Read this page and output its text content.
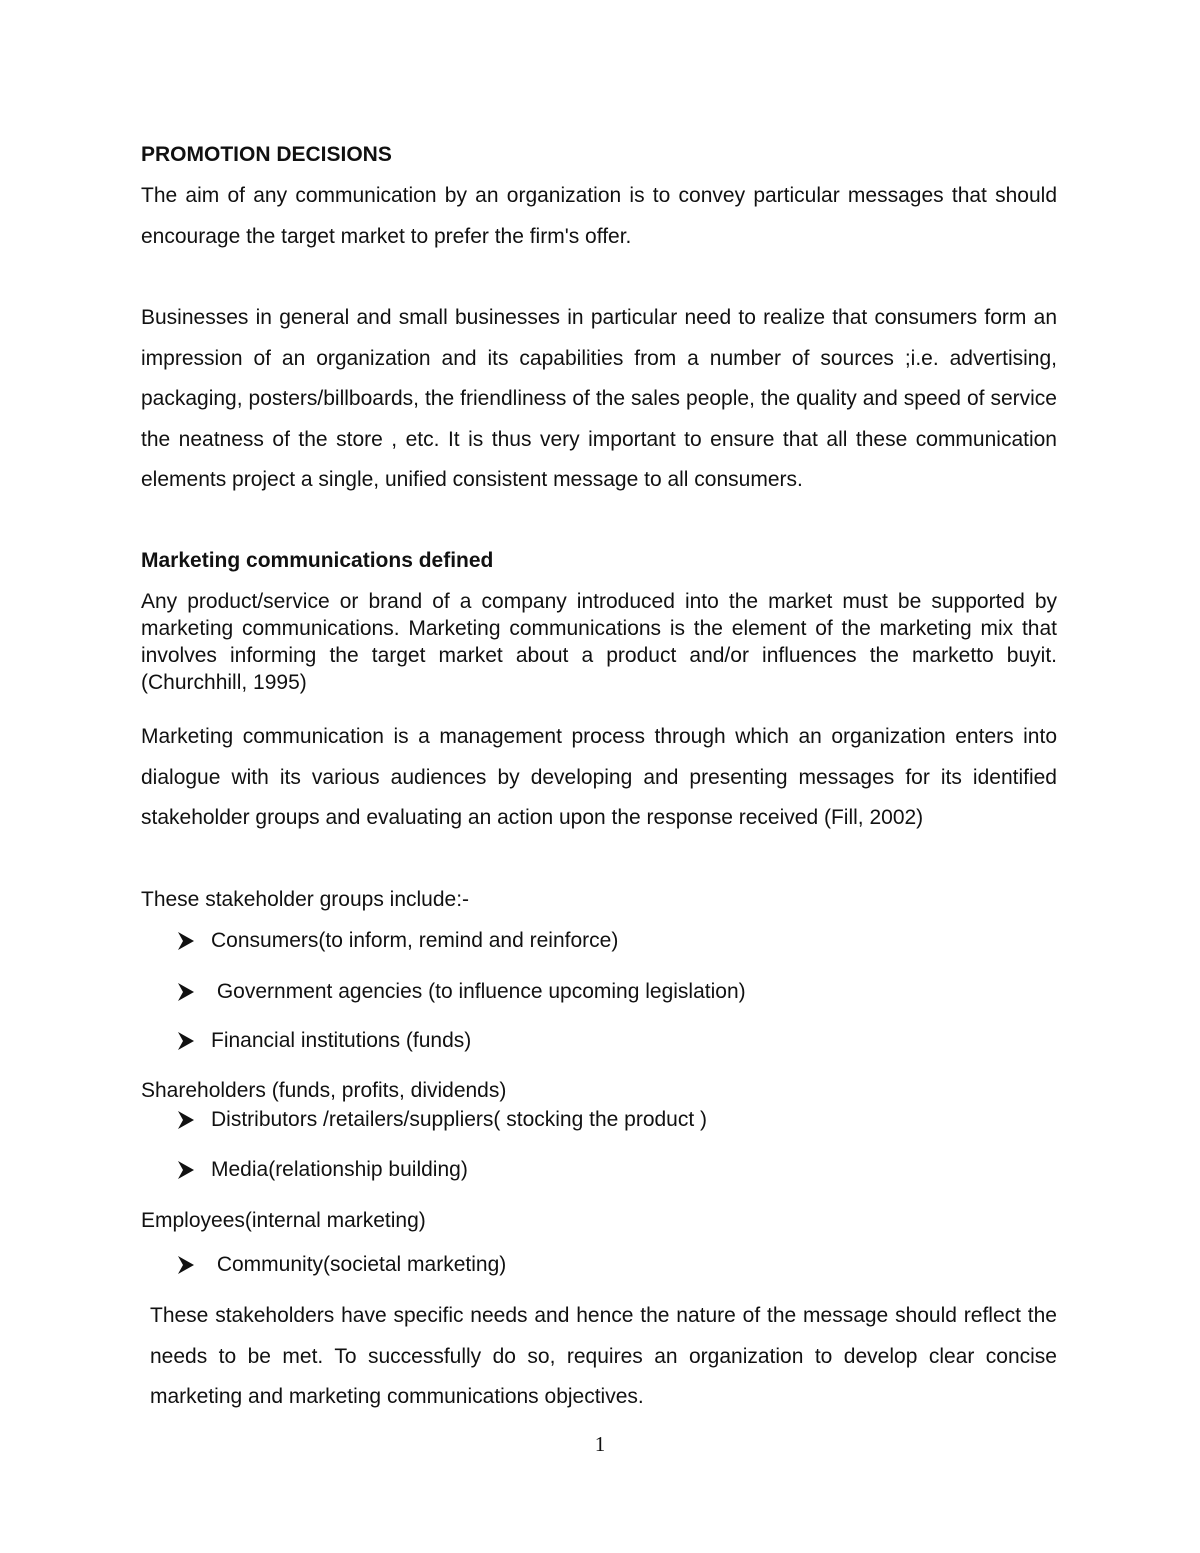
PROMOTION DECISIONS

The aim of any communication by an organization is to convey particular messages that should encourage the target market to prefer the firm's offer.

Businesses in general and small businesses in particular need to realize that consumers form an impression of an organization and its capabilities from a number of sources ;i.e. advertising, packaging, posters/billboards, the friendliness of the sales people, the quality and speed of service the neatness of the store , etc. It is thus very important to ensure that all these communication elements project a single, unified consistent message to all consumers.

Marketing communications defined

Any product/service or brand of a company introduced into the market must be supported by marketing communications. Marketing communications is the element of the marketing mix that involves informing the target market about a product and/or influences the marketto buyit. (Churchhill, 1995)

Marketing communication is a management process through which an organization enters into dialogue with its various audiences by developing and presenting messages for its identified stakeholder groups and evaluating an action upon the response received (Fill, 2002)

These stakeholder groups include:-

Consumers(to inform, remind and reinforce)
Government agencies (to influence upcoming legislation)
Financial institutions (funds)

Shareholders (funds, profits, dividends)

Distributors /retailers/suppliers( stocking the product )
Media(relationship building)

Employees(internal marketing)

Community(societal marketing)

These stakeholders have specific needs and hence the nature of the message should reflect the needs to be met. To successfully do so, requires an organization to develop clear concise marketing and marketing communications objectives.

1
